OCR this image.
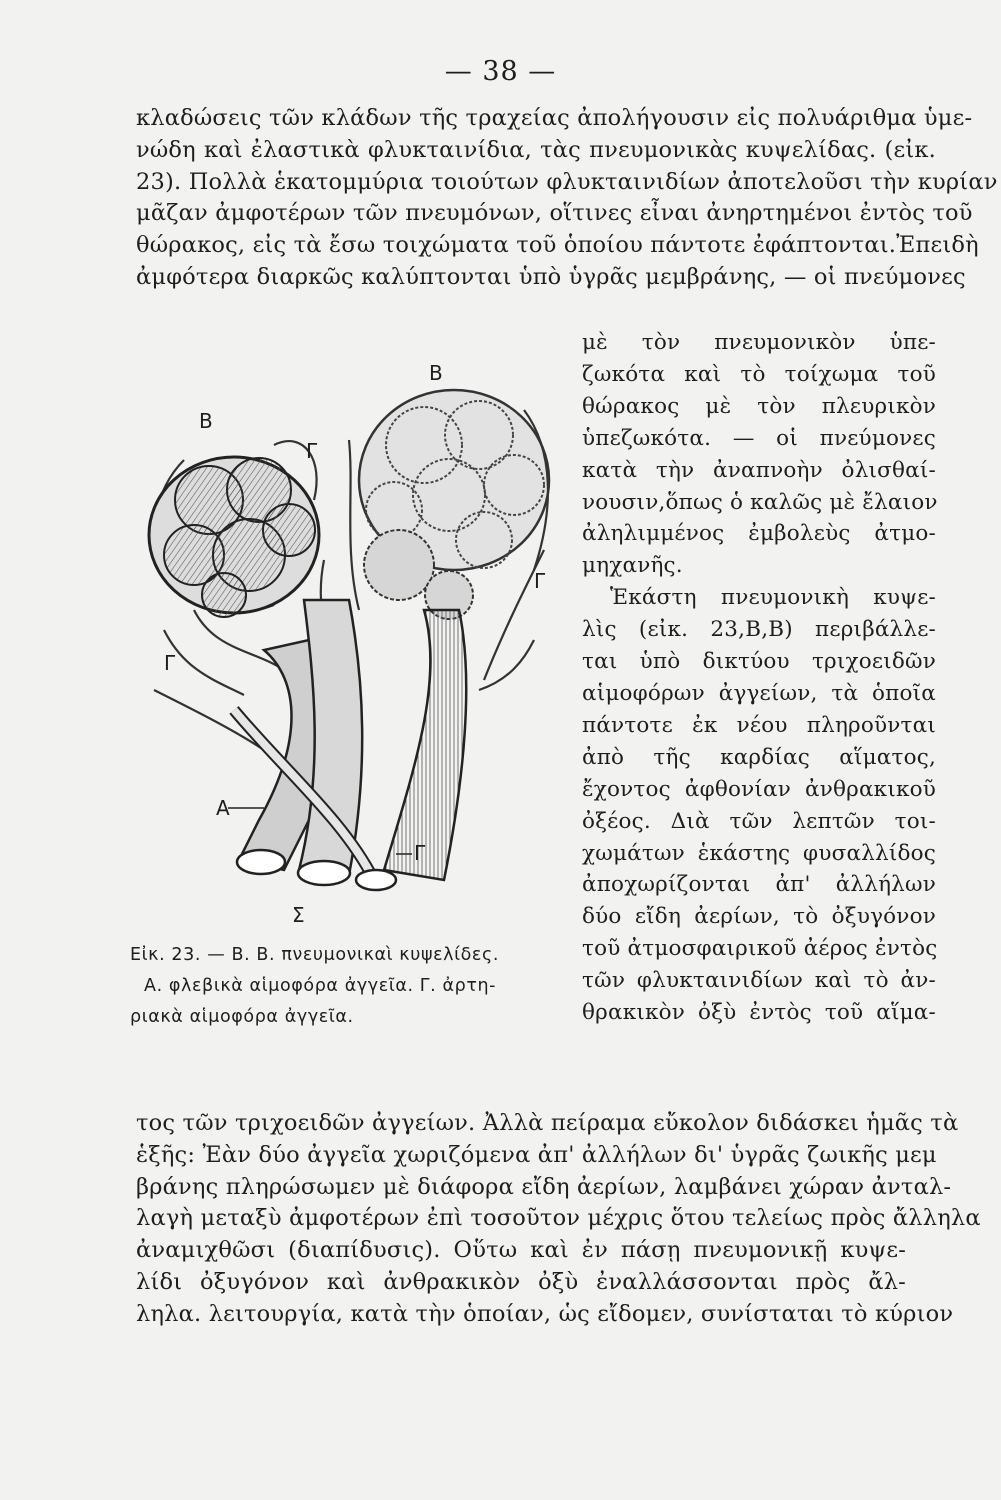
— 38 —
κλαδώσεις τῶν κλάδων τῆς τραχείας ἀπολήγουσιν εἰς πολυάριθμα ὑμε-
νώδη καὶ ἐλαστικὰ φλυκταινίδια, τὰς πνευμονικὰς κυψελίδας. (εἰκ.
23). Πολλὰ ἑκατομμύρια τοιούτων φλυκταινιδίων ἀποτελοῦσι τὴν κυρίαν
μᾶζαν ἀμφοτέρων τῶν πνευμόνων, οἵτινες εἶναι ἀνηρτημένοι ἐντὸς τοῦ
θώρακος, εἰς τὰ ἔσω τοιχώματα τοῦ ὁποίου πάντοτε ἐφάπτονται.Ἐπειδὴ
ἀμφότερα διαρκῶς καλύπτονται ὑπὸ ὑγρᾶς μεμβράνης, — οἱ πνεύμονες
μὲ τὸν πνευμονικὸν ὑπε-
ζωκότα καὶ τὸ τοίχωμα τοῦ
θώρακος μὲ τὸν πλευρικὸν
ὑπεζωκότα. — οἱ πνεύμονες
κατὰ τὴν ἀναπνοὴν ὀλισθαί-
νουσιν,ὅπως ὁ καλῶς μὲ ἔλαιον
ἀληλιμμένος ἐμβολεὺς ἀτμο-
μηχανῆς.
Ἑκάστη πνευμονικὴ κυψε-
λὶς (εἰκ. 23,Β,Β) περιβάλλε-
ται ὑπὸ δικτύου τριχοειδῶν
αἱμοφόρων ἀγγείων, τὰ ὁποῖα
πάντοτε ἐκ νέου πληροῦνται
ἀπὸ τῆς καρδίας αἵματος,
ἔχοντος ἀφθονίαν ἀνθρακικοῦ
ὀξέος. Διὰ τῶν λεπτῶν τοι-
χωμάτων ἑκάστης φυσαλλίδος
ἀποχωρίζονται ἀπ' ἀλλήλων
δύο εἴδη ἀερίων, τὸ ὀξυγόνον
τοῦ ἀτμοσφαιρικοῦ ἀέρος ἐντὸς
τῶν φλυκταινιδίων καὶ τὸ ἀν-
θρακικὸν ὀξὺ ἐντὸς τοῦ αἵμα-
Β
Β
Γ
Γ
Γ
Α
Γ
Σ
Εἰκ. 23. — Β. Β. πνευμονικαὶ κυψελίδες.
Α. φλεβικὰ αἱμοφόρα ἀγγεῖα. Γ. ἀρτη-
ριακὰ αἱμοφόρα ἀγγεῖα.
τος τῶν τριχοειδῶν ἀγγείων. Ἀλλὰ πείραμα εὔκολον διδάσκει ἡμᾶς τὰ
ἑξῆς: Ἐὰν δύο ἀγγεῖα χωριζόμενα ἀπ' ἀλλήλων δι' ὑγρᾶς ζωικῆς μεμ
βράνης πληρώσωμεν μὲ διάφορα εἴδη ἀερίων, λαμβάνει χώραν ἀνταλ-
λαγὴ μεταξὺ ἀμφοτέρων ἐπὶ τοσοῦτον μέχρις ὅτου τελείως πρὸς ἄλληλα
ἀναμιχθῶσι (διαπίδυσις). Οὕτω καὶ ἐν πάσῃ πνευμονικῇ κυψε-
λίδι ὀξυγόνον καὶ ἀνθρακικὸν ὀξὺ ἐναλλάσσονται πρὸς ἄλ-
ληλα. λειτουργία, κατὰ τὴν ὁποίαν, ὡς εἴδομεν, συνίσταται τὸ κύριον
